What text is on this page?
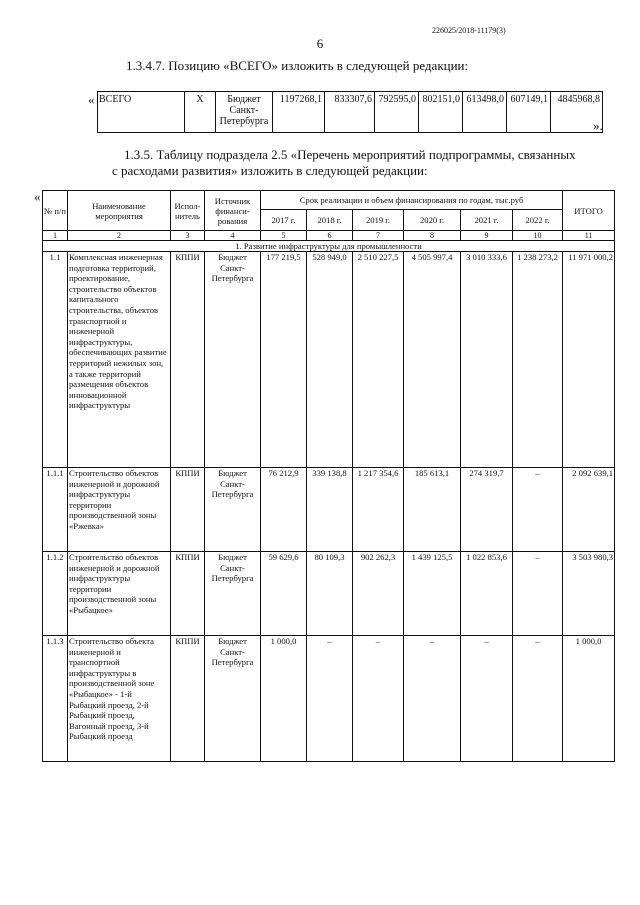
226025/2018-11179(3)
6
1.3.4.7. Позицию «ВСЕГО» изложить в следующей редакции:
« ВСЕГО	X	Бюджет Санкт-Петербурга	1197268,1	833307,6	792595,0	802151,0	613498,0	607149,1	4845968,8
».
1.3.5. Таблицу подраздела 2.5 «Перечень мероприятий подпрограммы, связанных
с расходами развития» изложить в следующей редакции:
«
№ п/п	Наименование мероприятия	Испол-нитель	Источник финанси-рования	Срок реализации и объем финансирования по годам, тыс.руб						ИТОГО
				2017 г.	2018 г.	2019 г.	2020 г.	2021 г.	2022 г.	
1	2	3	4	5	6	7	8	9	10	11
1. Развитие инфраструктуры для промышленности										
1.1	Комплексная инженерная подготовка территорий, проектирование, строительство объектов капитального строительства, объектов транспортной и инженерной инфраструктуры, обеспечивающих развитие территорий нежилых зон, а также территорий размещения объектов инновационной инфраструктуры	КППИ	Бюджет Санкт-Петербурга	177 219,5	528 949,0	2 510 227,5	4 505 997,4	3 010 333,6	1 238 273,2	11 971 000,2
1.1.1	Строительство объектов инженерной и дорожной инфраструктуры территории производственной зоны «Ржевка»	КППИ	Бюджет Санкт-Петербурга	76 212,9	339 138,8	1 217 354,6	185 613,1	274 319,7	–	2 092 639,1
1.1.2	Строительство объектов инженерной и дорожной инфраструктуры территории производственной зоны «Рыбацкое»	КППИ	Бюджет Санкт-Петербурга	59 629,6	80 109,3	902 262,3	1 439 125,5	1 022 853,6	–	3 503 980,3
1.1.3	Строительство объекта инженерной и транспортной инфраструктуры в производственной зоне «Рыбацкое» - 1-й Рыбацкий проезд, 2-й Рыбацкий проезд, Вагонный проезд, 3-й Рыбацкий проезд	КППИ	Бюджет Санкт-Петербурга	1 000,0	–	–	–	–	–	1 000,0
